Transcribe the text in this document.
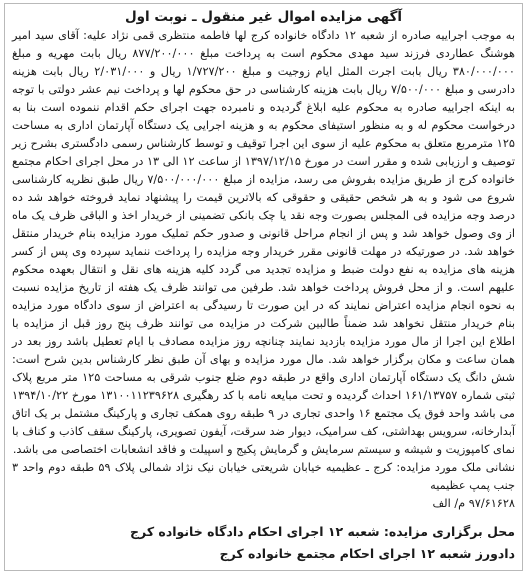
آگهی مزایده اموال غیر منقول ـ نوبت اول
به موجب اجراییه صادره از شعبه ۱۲ دادگاه خانواده کرج لها فاطمه منتظری قمی نژاد علیه: آقای سید امیر هوشنگ عطاردی فرزند سید مهدی محکوم است به پرداخت مبلغ ۸۷۷/۲۰۰/۰۰۰ ریال بابت مهریه و مبلغ ۳۸۰/۰۰۰/۰۰۰ ریال بابت اجرت المثل ایام زوجیت و مبلغ ۱/۷۲۷/۲۰۰ ریال و ۲/۰۳۱/۰۰۰ ریال بابت هزینه دادرسی و مبلغ ۷/۵۰۰/۰۰۰ ریال بابت هزینه کارشناسی در حق محکوم لها و پرداخت نیم عشر دولتی با توجه به اینکه اجراییه صادره به محکوم علیه ابلاغ گردیده و نامبرده جهت اجرای حکم اقدام ننموده است بنا به درخواست محکوم له و به منظور استیفای محکوم به و هزینه اجرایی یک دستگاه آپارتمان اداری به مساحت ۱۲۵ مترمربع متعلق به محکوم علیه از سوی این اجرا توقیف و توسط کارشناس رسمی دادگستری بشرح زیر توصیف و ارزیابی شده و مقرر است در مورخ ۱۳۹۷/۱۲/۱۵ از ساعت ۱۲ الی ۱۳ در محل اجرای احکام مجتمع خانواده کرج از طریق مزایده بفروش می رسد، مزایده از مبلغ ۷/۵۰۰/۰۰۰/۰۰۰ ریال طبق نظریه کارشناسی شروع می شود و به هر شخص حقیقی و حقوقی که بالاترین قیمت را پیشنهاد نماید فروخته خواهد شد ده درصد وجه مزایده فی المجلس بصورت وجه نقد یا چک بانکی تضمینی از خریدار اخذ و الباقی ظرف یک ماه از وی وصول خواهد شد و پس از انجام مراحل قانونی و صدور حکم تملیک مورد مزایده بنام خریدار منتقل خواهد شد. در صورتیکه در مهلت قانونی مقرر خریدار وجه مزایده را پرداخت ننماید سپرده وی پس از کسر هزینه های مزایده به نفع دولت ضبط و مزایده تجدید می گردد کلیه هزینه های نقل و انتقال بعهده محکوم علیهم است. و از محل فروش پرداخت خواهد شد. طرفین می توانند ظرف یک هفته از تاریخ مزایده نسبت به نحوه انجام مزایده اعتراض نمایند که در این صورت تا رسیدگی به اعتراض از سوی دادگاه مورد مزایده بنام خریدار منتقل نخواهد شد ضمناً طالبین شرکت در مزایده می توانند ظرف پنج روز قبل از مزایده با اطلاع این اجرا از مال مورد مزایده بازدید نمایند چنانچه روز مزایده مصادف با ایام تعطیل باشد روز بعد در همان ساعت و مکان برگزار خواهد شد. مال مورد مزایده و بهای آن طبق نظر کارشناس بدین شرح است: شش دانگ یک دستگاه آپارتمان اداری واقع در طبقه دوم ضلع جنوب شرقی به مساحت ۱۲۵ متر مربع پلاک ثبتی شماره ۱۶۱/۱۳۷۵۷ احداث گردیده و تحت مبایعه نامه با کد رهگیری ۱۳۱۰۰۱۱۲۳۹۶۲۸ مورخ ۱۳۹۴/۱۰/۲۲ می باشد واحد فوق یک مجتمع ۱۶ واحدی تجاری در ۹ طبقه روی همکف تجاری و پارکینگ مشتمل بر یک اتاق آبدارخانه، سرویس بهداشتی، کف سرامیک، دیوار ضد سرقت، آیفون تصویری، پارکینگ سقف کاذب و کناف با نمای کامپوزیت و شیشه و سیستم سرمایش و گرمایش پکیج و اسپیلت و فاقد انشعابات اختصاصی می باشد.
نشانی ملک مورد مزایده: کرج ـ عظیمیه خیابان شریعتی خیابان نیک نژاد شمالی پلاک ۵۹ طبقه دوم واحد ۳ جنب پمپ عظیمیه
۹۷/۶۱۶۲۸ م/ الف
محل برگزاری مزایده: شعبه ۱۲ اجرای احکام دادگاه خانواده کرج
دادورز شعبه ۱۲ اجرای احکام مجتمع خانواده کرج
